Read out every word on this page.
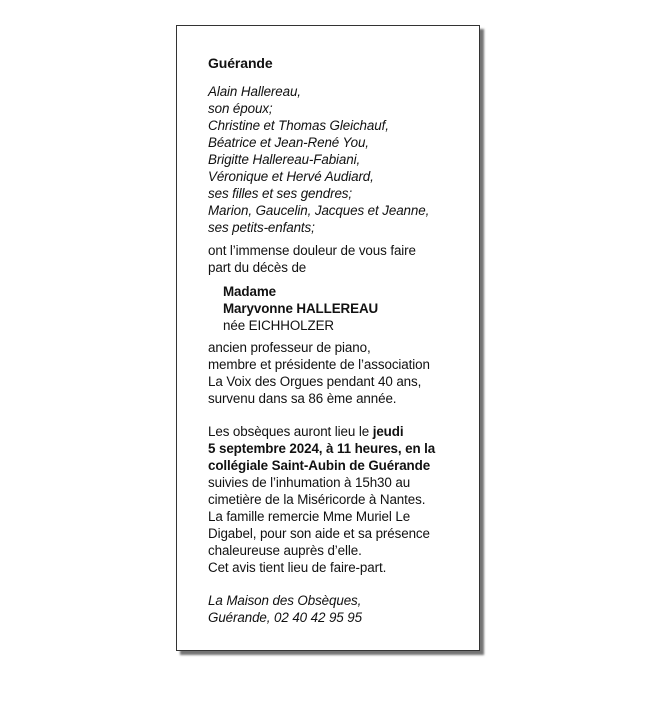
Guérande
Alain Hallereau,
son époux;
Christine et Thomas Gleichauf,
Béatrice et Jean-René You,
Brigitte Hallereau-Fabiani,
Véronique et Hervé Audiard,
ses filles et ses gendres;
Marion, Gaucelin, Jacques et Jeanne,
ses petits-enfants;
ont l’immense douleur de vous faire
part du décès de
Madame
Maryvonne HALLEREAU
née EICHHOLZER
ancien professeur de piano,
membre et présidente de l’association
La Voix des Orgues pendant 40 ans,
survenu dans sa 86 ème année.
Les obsèques auront lieu le jeudi
5 septembre 2024, à 11 heures, en la
collégiale Saint-Aubin de Guérande
suivies de l’inhumation à 15h30 au
cimetière de la Miséricorde à Nantes.
La famille remercie Mme Muriel Le
Digabel, pour son aide et sa présence
chaleureuse auprès d’elle.
Cet avis tient lieu de faire-part.
La Maison des Obsèques,
Guérande, 02 40 42 95 95
